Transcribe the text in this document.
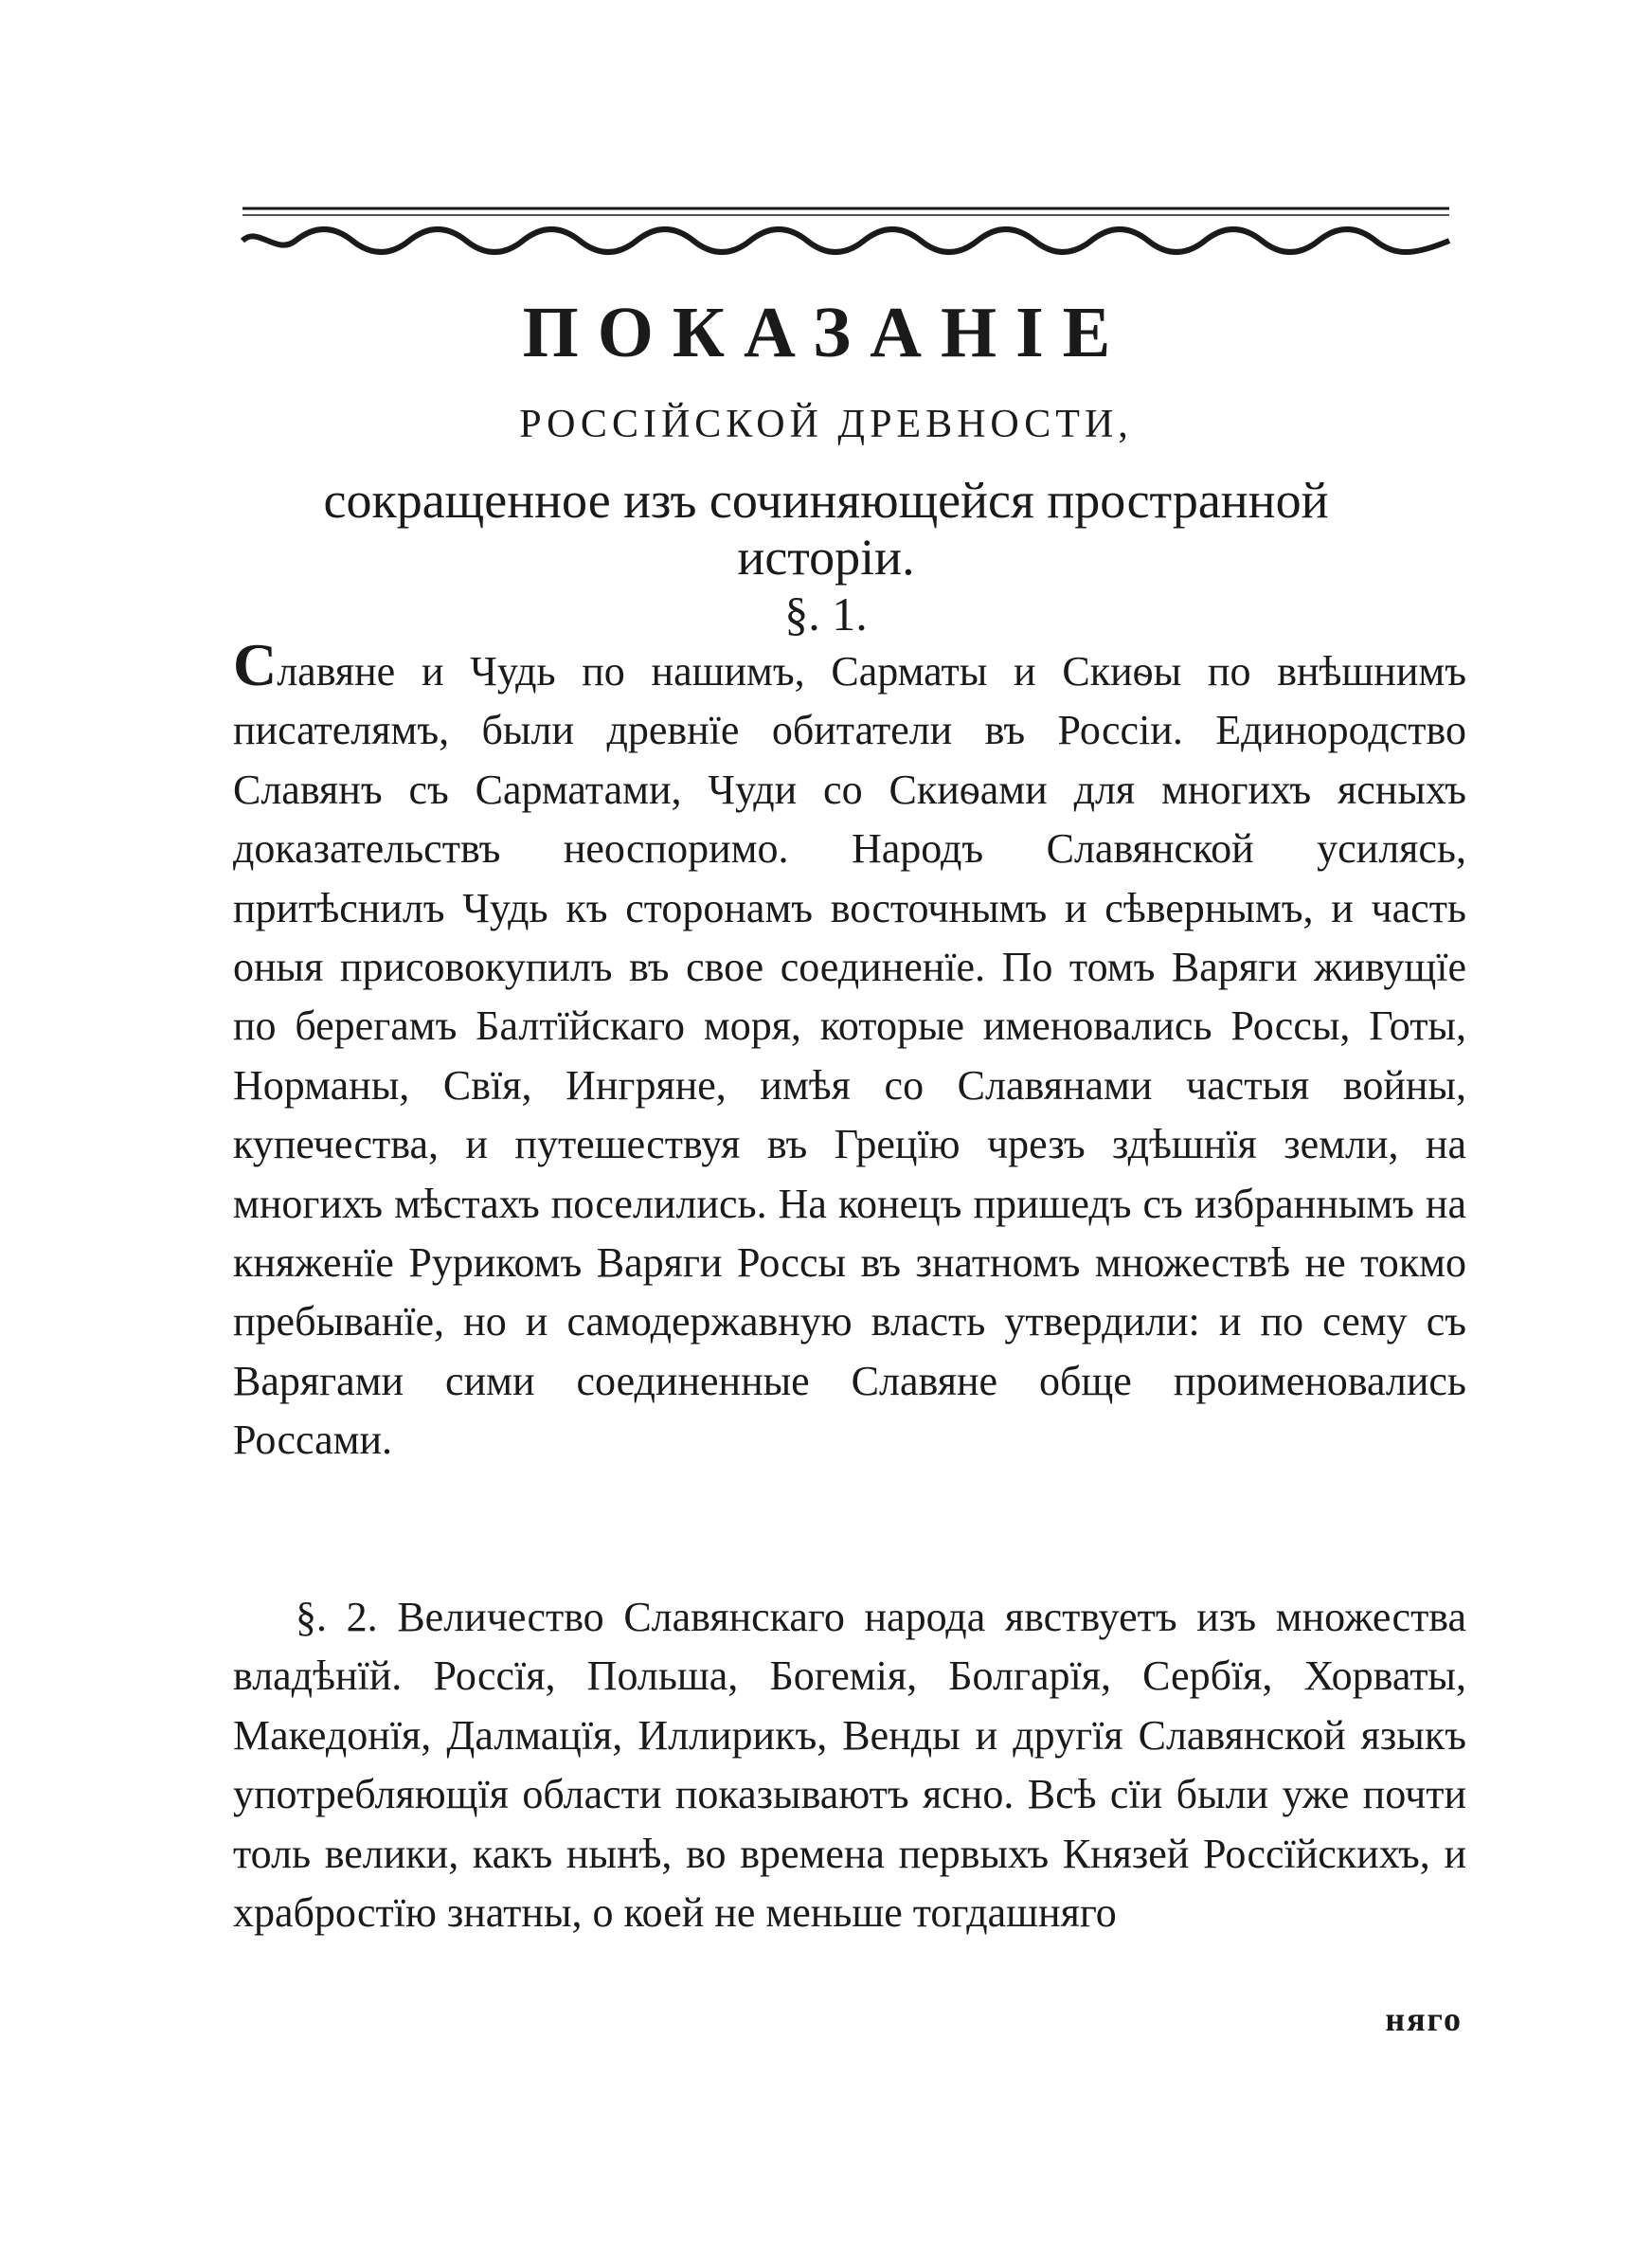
ПОКАЗАНІЕ
РОССІЙСКОЙ ДРЕВНОСТИ,
сокращенное изъ сочиняющейся пространной исторіи.
§. 1.

Славяне и Чудь по нашимъ, Сарматы и Скиѳы по внѣшнимъ писателямъ, были древнїе обитатели въ Россіи. Единородство Славянъ съ Сарматами, Чуди со Скиѳами для многихъ ясныхъ доказательствъ неоспоримо. Народъ Славянской усилясь, притѣснилъ Чудь къ сторонамъ восточнымъ и сѣвернымъ, и часть оныя присовокупилъ въ свое соединенїе. По томъ Варяги живущїе по берегамъ Балтїйскаго моря, которые именовались Россы, Готы, Норманы, Свїя, Ингряне, имѣя со Славянами частыя войны, купечества, и путешествуя въ Грецїю чрезъ здѣшнїя земли, на многихъ мѣстахъ поселились. На конецъ пришедъ съ избраннымъ на княженїе Рурикомъ Варяги Россы въ знатномъ множествѣ не токмо пребыванїе, но и самодержавную власть утвердили: и по сему съ Варягами сими соединенные Славяне обще проименовались Россами.

§. 2. Величество Славянскаго народа явствуетъ изъ множества владѣнїй. Россїя, Польша, Богемія, Болгарїя, Сербїя, Хорваты, Македонїя, Далмацїя, Иллирикъ, Венды и другїя Славянской языкъ употребляющїя области показываютъ ясно. Всѣ сїи были уже почти толь велики, какъ нынѣ, во времена первыхъ Князей Россїйскихъ, и храбростїю знатны, о коей не меньше тогдашняго

няго
